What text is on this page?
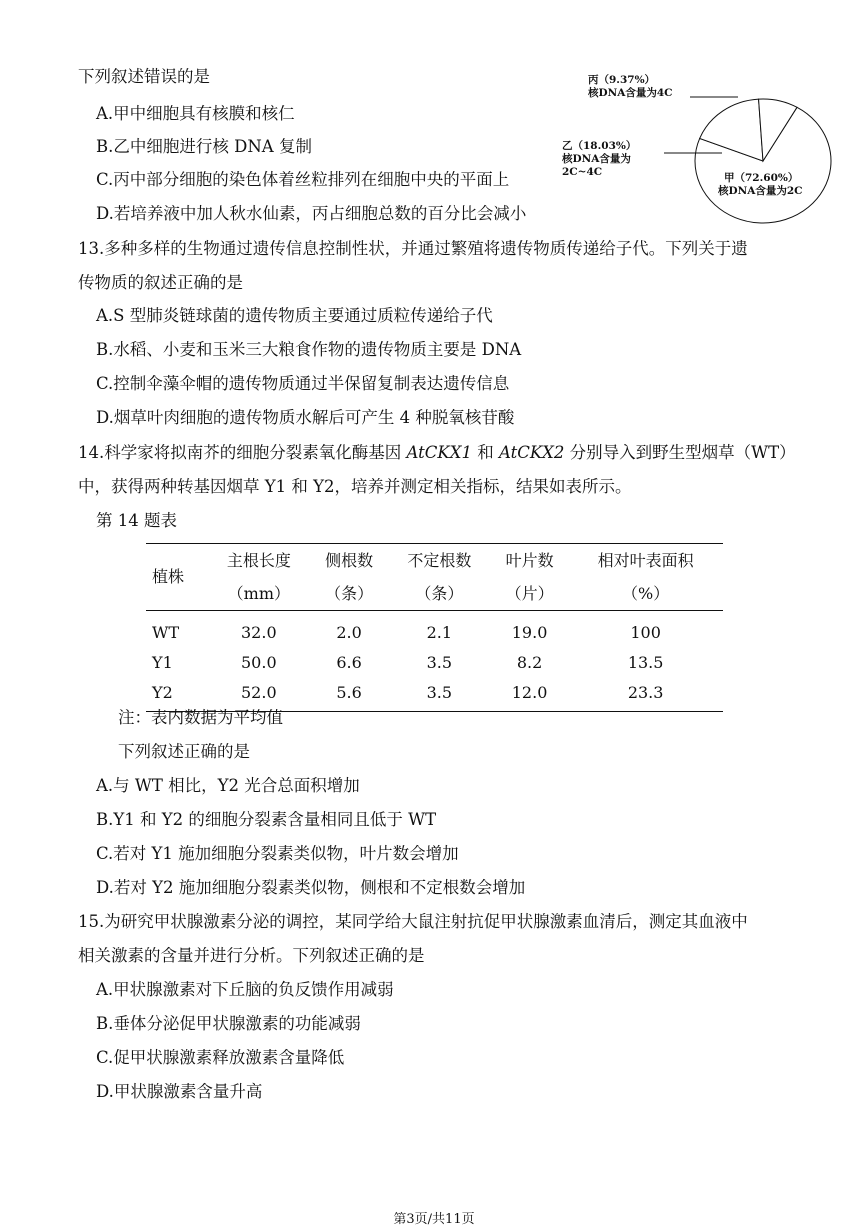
下列叙述错误的是
A.甲中细胞具有核膜和核仁
B.乙中细胞进行核 DNA 复制
C.丙中部分细胞的染色体着丝粒排列在细胞中央的平面上
D.若培养液中加人秋水仙素，丙占细胞总数的百分比会减小
丙（9.37%）
核DNA含量为4C
乙（18.03%）
核DNA含量为
2C~4C	甲（72.60%）
核DNA含量为2C
13.多种多样的生物通过遗传信息控制性状，并通过繁殖将遗传物质传递给子代。下列关于遗
传物质的叙述正确的是
A.S 型肺炎链球菌的遗传物质主要通过质粒传递给子代
B.水稻、小麦和玉米三大粮食作物的遗传物质主要是 DNA
C.控制伞藻伞帽的遗传物质通过半保留复制表达遗传信息
D.烟草叶肉细胞的遗传物质水解后可产生 4 种脱氧核苷酸
14.科学家将拟南芥的细胞分裂素氧化酶基因 AtCKX1 和 AtCKX2 分别导入到野生型烟草（WT）
中，获得两种转基因烟草 Y1 和 Y2，培养并测定相关指标，结果如表所示。
第 14 题表
植株	主根长度	侧根数	不定根数	叶片数	相对叶表面积
	（mm）	（条）	（条）	（片）	（%）
WT	32.0	2.0	2.1	19.0	100
Y1	50.0	6.6	3.5	8.2	13.5
Y2	52.0	5.6	3.5	12.0	23.3
注：表内数据为平均值
下列叙述正确的是
A.与 WT 相比，Y2 光合总面积增加
B.Y1 和 Y2 的细胞分裂素含量相同且低于 WT
C.若对 Y1 施加细胞分裂素类似物，叶片数会增加
D.若对 Y2 施加细胞分裂素类似物，侧根和不定根数会增加
15.为研究甲状腺激素分泌的调控，某同学给大鼠注射抗促甲状腺激素血清后，测定其血液中
相关激素的含量并进行分析。下列叙述正确的是
A.甲状腺激素对下丘脑的负反馈作用减弱
B.垂体分泌促甲状腺激素的功能减弱
C.促甲状腺激素释放激素含量降低
D.甲状腺激素含量升高
第3页/共11页
